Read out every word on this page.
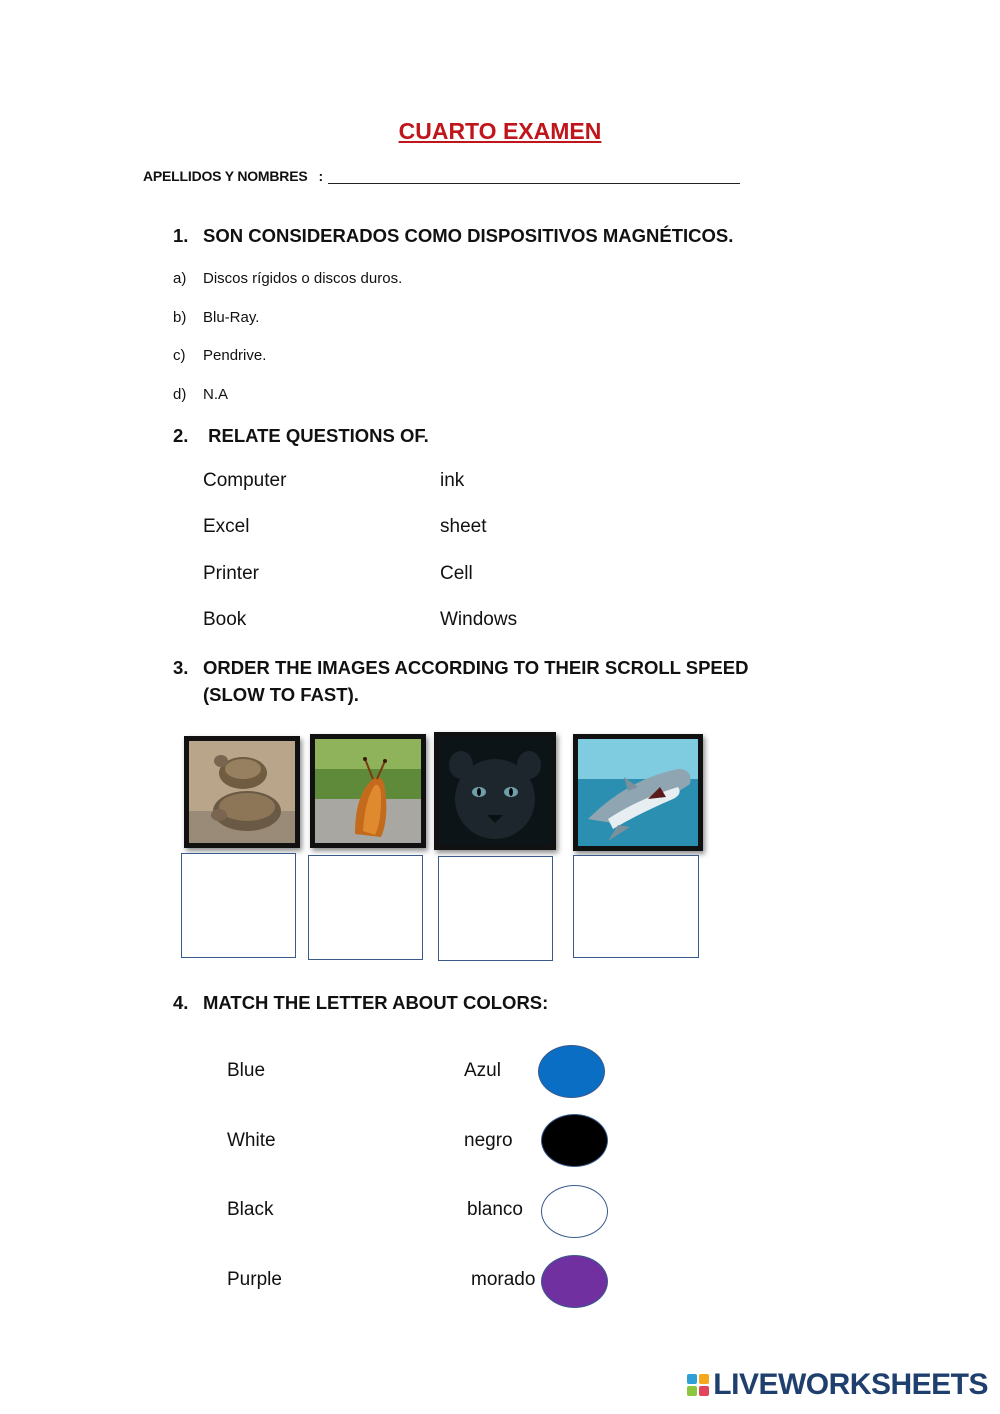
CUARTO EXAMEN
APELLIDOS Y NOMBRES   :
1. SON CONSIDERADOS COMO DISPOSITIVOS MAGNÉTICOS.
a) Discos rígidos o discos duros.
b) Blu-Ray.
c) Pendrive.
d) N.A
2. RELATE QUESTIONS OF.
Computer	ink
Excel	sheet
Printer	Cell
Book	Windows
3. ORDER THE IMAGES ACCORDING TO THEIR SCROLL SPEED
(SLOW TO FAST).
4. MATCH THE LETTER ABOUT COLORS:
Blue	Azul
White	negro
Black	blanco
Purple	morado
LIVEWORKSHEETS
